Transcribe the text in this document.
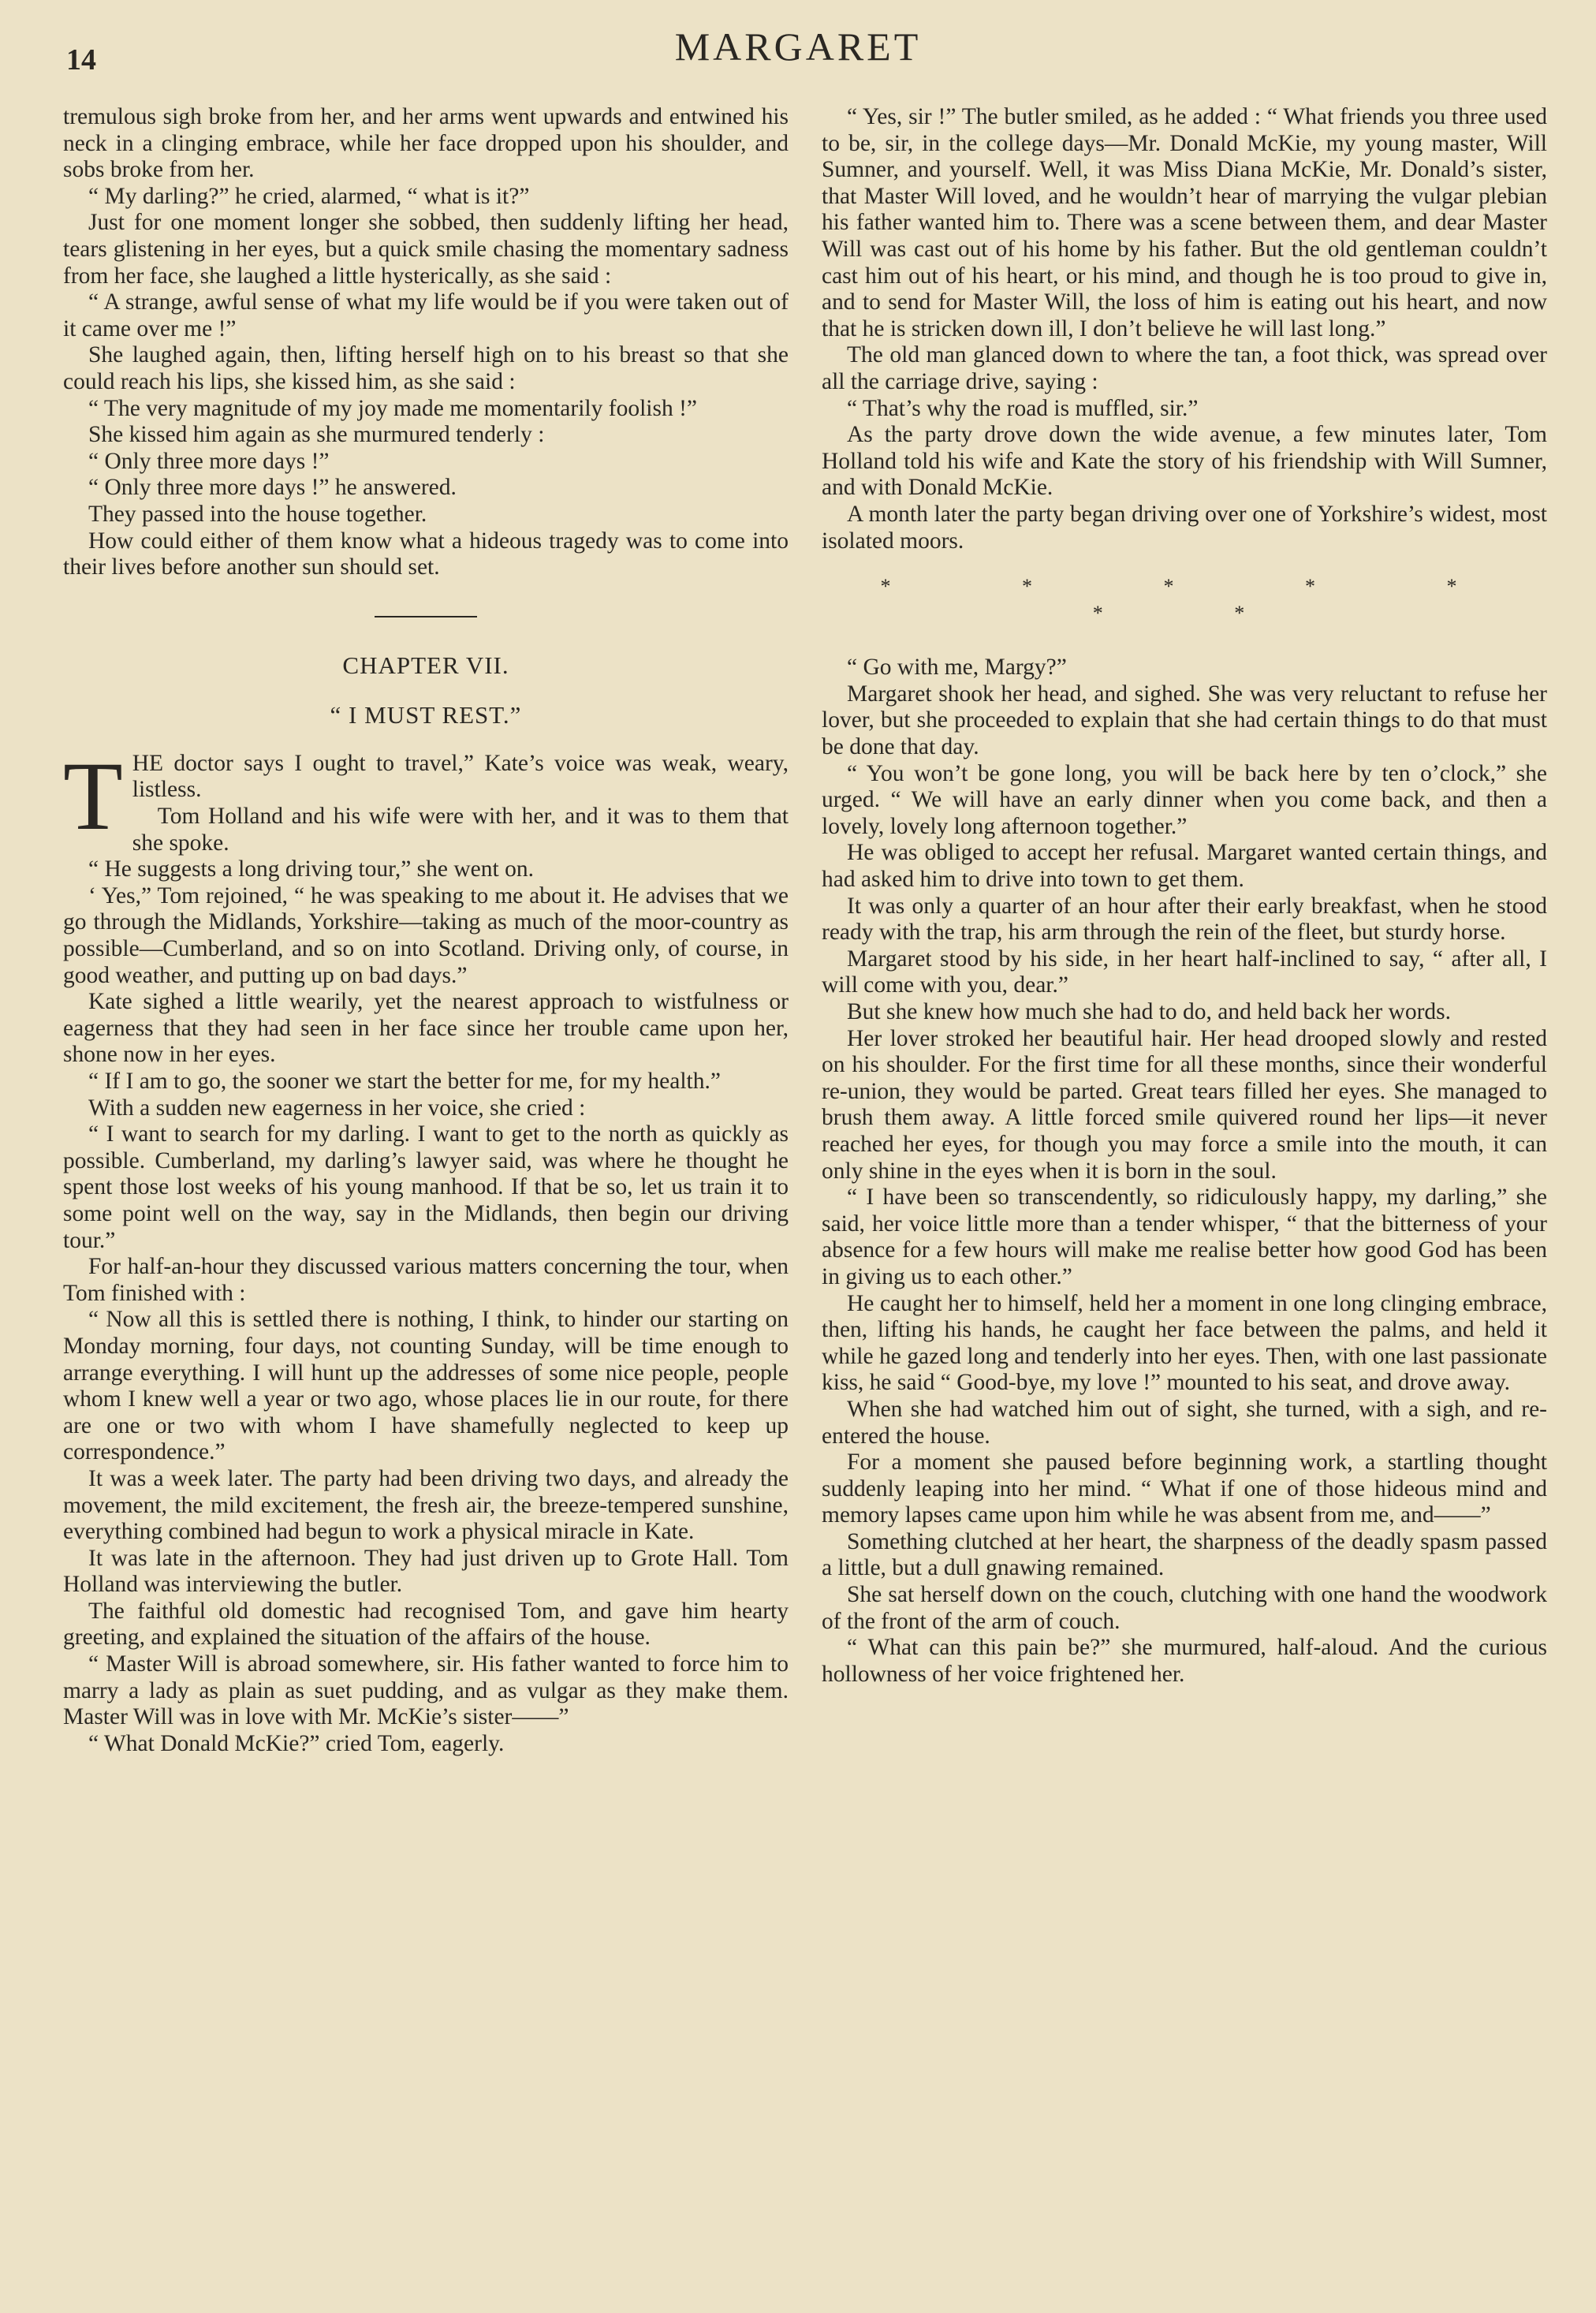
14	MARGARET

tremulous sigh broke from her, and her arms went upwards and entwined his neck in a clinging embrace, while her face dropped upon his shoulder, and sobs broke from her.

“ My darling?” he cried, alarmed, “ what is it?”

Just for one moment longer she sobbed, then suddenly lifting her head, tears glistening in her eyes, but a quick smile chasing the momentary sadness from her face, she laughed a little hysterically, as she said :

“ A strange, awful sense of what my life would be if you were taken out of it came over me !”

She laughed again, then, lifting herself high on to his breast so that she could reach his lips, she kissed him, as she said :

“ The very magnitude of my joy made me momentarily foolish !”

She kissed him again as she murmured tenderly :

“ Only three more days !”

“ Only three more days !” he answered.

They passed into the house together.

How could either of them know what a hideous tragedy was to come into their lives before another sun should set.

CHAPTER VII.
“ I MUST REST.”

THE doctor says I ought to travel,” Kate’s voice was weak, weary, listless.

Tom Holland and his wife were with her, and it was to them that she spoke.

“ He suggests a long driving tour,” she went on.

‘ Yes,” Tom rejoined, “ he was speaking to me about it. He advises that we go through the Midlands, Yorkshire—taking as much of the moor-country as possible—Cumberland, and so on into Scotland. Driving only, of course, in good weather, and putting up on bad days.”

Kate sighed a little wearily, yet the nearest approach to wistfulness or eagerness that they had seen in her face since her trouble came upon her, shone now in her eyes.

“ If I am to go, the sooner we start the better for me, for my health.”

With a sudden new eagerness in her voice, she cried :

“ I want to search for my darling. I want to get to the north as quickly as possible. Cumberland, my darling’s lawyer said, was where he thought he spent those lost weeks of his young manhood. If that be so, let us train it to some point well on the way, say in the Midlands, then begin our driving tour.”

For half-an-hour they discussed various matters concerning the tour, when Tom finished with :

“ Now all this is settled there is nothing, I think, to hinder our starting on Monday morning, four days, not counting Sunday, will be time enough to arrange everything. I will hunt up the addresses of some nice people, people whom I knew well a year or two ago, whose places lie in our route, for there are one or two with whom I have shamefully neglected to keep up correspondence.”

It was a week later. The party had been driving two days, and already the movement, the mild excitement, the fresh air, the breeze-tempered sunshine, everything combined had begun to work a physical miracle in Kate.

It was late in the afternoon. They had just driven up to Grote Hall. Tom Holland was interviewing the butler.

The faithful old domestic had recognised Tom, and gave him hearty greeting, and explained the situation of the affairs of the house.

“ Master Will is abroad somewhere, sir. His father wanted to force him to marry a lady as plain as suet pudding, and as vulgar as they make them. Master Will was in love with Mr. McKie’s sister——”

“ What Donald McKie?” cried Tom, eagerly.

“ Yes, sir !” The butler smiled, as he added : “ What friends you three used to be, sir, in the college days—Mr. Donald McKie, my young master, Will Sumner, and yourself. Well, it was Miss Diana McKie, Mr. Donald’s sister, that Master Will loved, and he wouldn’t hear of marrying the vulgar plebian his father wanted him to. There was a scene between them, and dear Master Will was cast out of his home by his father. But the old gentleman couldn’t cast him out of his heart, or his mind, and though he is too proud to give in, and to send for Master Will, the loss of him is eating out his heart, and now that he is stricken down ill, I don’t believe he will last long.”

The old man glanced down to where the tan, a foot thick, was spread over all the carriage drive, saying :

“ That’s why the road is muffled, sir.”

As the party drove down the wide avenue, a few minutes later, Tom Holland told his wife and Kate the story of his friendship with Will Sumner, and with Donald McKie.

A month later the party began driving over one of Yorkshire’s widest, most isolated moors.

* * * * * * *

“ Go with me, Margy?”

Margaret shook her head, and sighed. She was very reluctant to refuse her lover, but she proceeded to explain that she had certain things to do that must be done that day.

“ You won’t be gone long, you will be back here by ten o’clock,” she urged. “ We will have an early dinner when you come back, and then a lovely, lovely long afternoon together.”

He was obliged to accept her refusal. Margaret wanted certain things, and had asked him to drive into town to get them.

It was only a quarter of an hour after their early breakfast, when he stood ready with the trap, his arm through the rein of the fleet, but sturdy horse.

Margaret stood by his side, in her heart half-inclined to say, “ after all, I will come with you, dear.”

But she knew how much she had to do, and held back her words.

Her lover stroked her beautiful hair. Her head drooped slowly and rested on his shoulder. For the first time for all these months, since their wonderful re-union, they would be parted. Great tears filled her eyes. She managed to brush them away. A little forced smile quivered round her lips—it never reached her eyes, for though you may force a smile into the mouth, it can only shine in the eyes when it is born in the soul.

“ I have been so transcendently, so ridiculously happy, my darling,” she said, her voice little more than a tender whisper, “ that the bitterness of your absence for a few hours will make me realise better how good God has been in giving us to each other.”

He caught her to himself, held her a moment in one long clinging embrace, then, lifting his hands, he caught her face between the palms, and held it while he gazed long and tenderly into her eyes. Then, with one last passionate kiss, he said “ Good-bye, my love !” mounted to his seat, and drove away.

When she had watched him out of sight, she turned, with a sigh, and re-entered the house.

For a moment she paused before beginning work, a startling thought suddenly leaping into her mind. “ What if one of those hideous mind and memory lapses came upon him while he was absent from me, and——”

Something clutched at her heart, the sharpness of the deadly spasm passed a little, but a dull gnawing remained.

She sat herself down on the couch, clutching with one hand the woodwork of the front of the arm of couch.

“ What can this pain be?” she murmured, half-aloud. And the curious hollowness of her voice frightened her.
